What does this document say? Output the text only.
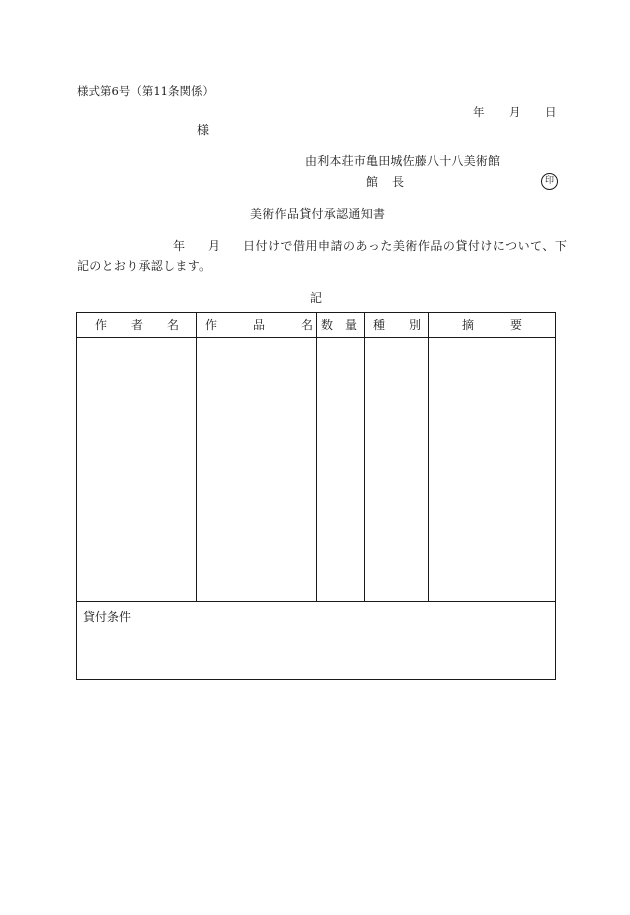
様式第6号（第11条関係）
年 月 日
様
由利本荘市亀田城佐藤八十八美術館
館 長	印
美術作品貸付承認通知書
年 月 日付けで借用申請のあった美術作品の貸付けについて、下
記のとおり承認します。
記
作　　者　　名 作　　　品　　　名 数　量 種　　別	摘　　　要
貸付条件
